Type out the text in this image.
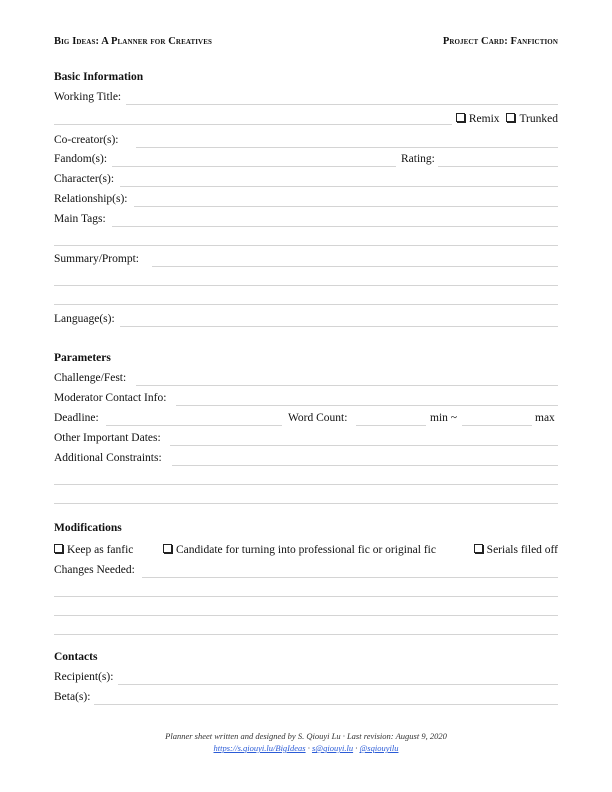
Big Ideas: A Planner for Creatives	Project Card: Fanfiction
Basic Information
Working Title:
Remix Trunked
Co-creator(s):
Fandom(s):	Rating:
Character(s):
Relationship(s):
Main Tags:
Summary/Prompt:
Language(s):
Parameters
Challenge/Fest:
Moderator Contact Info:
Deadline:	Word Count:	min ~	max
Other Important Dates:
Additional Constraints:
Modifications
Keep as fanfic	Candidate for turning into professional fic or original fic	Serials filed off
Changes Needed:
Contacts
Recipient(s):
Beta(s):
Planner sheet written and designed by S. Qiouyi Lu · Last revision: August 9, 2020
https://s.qiouyi.lu/BigIdeas · s@qiouyi.lu · @sqiouyilu
